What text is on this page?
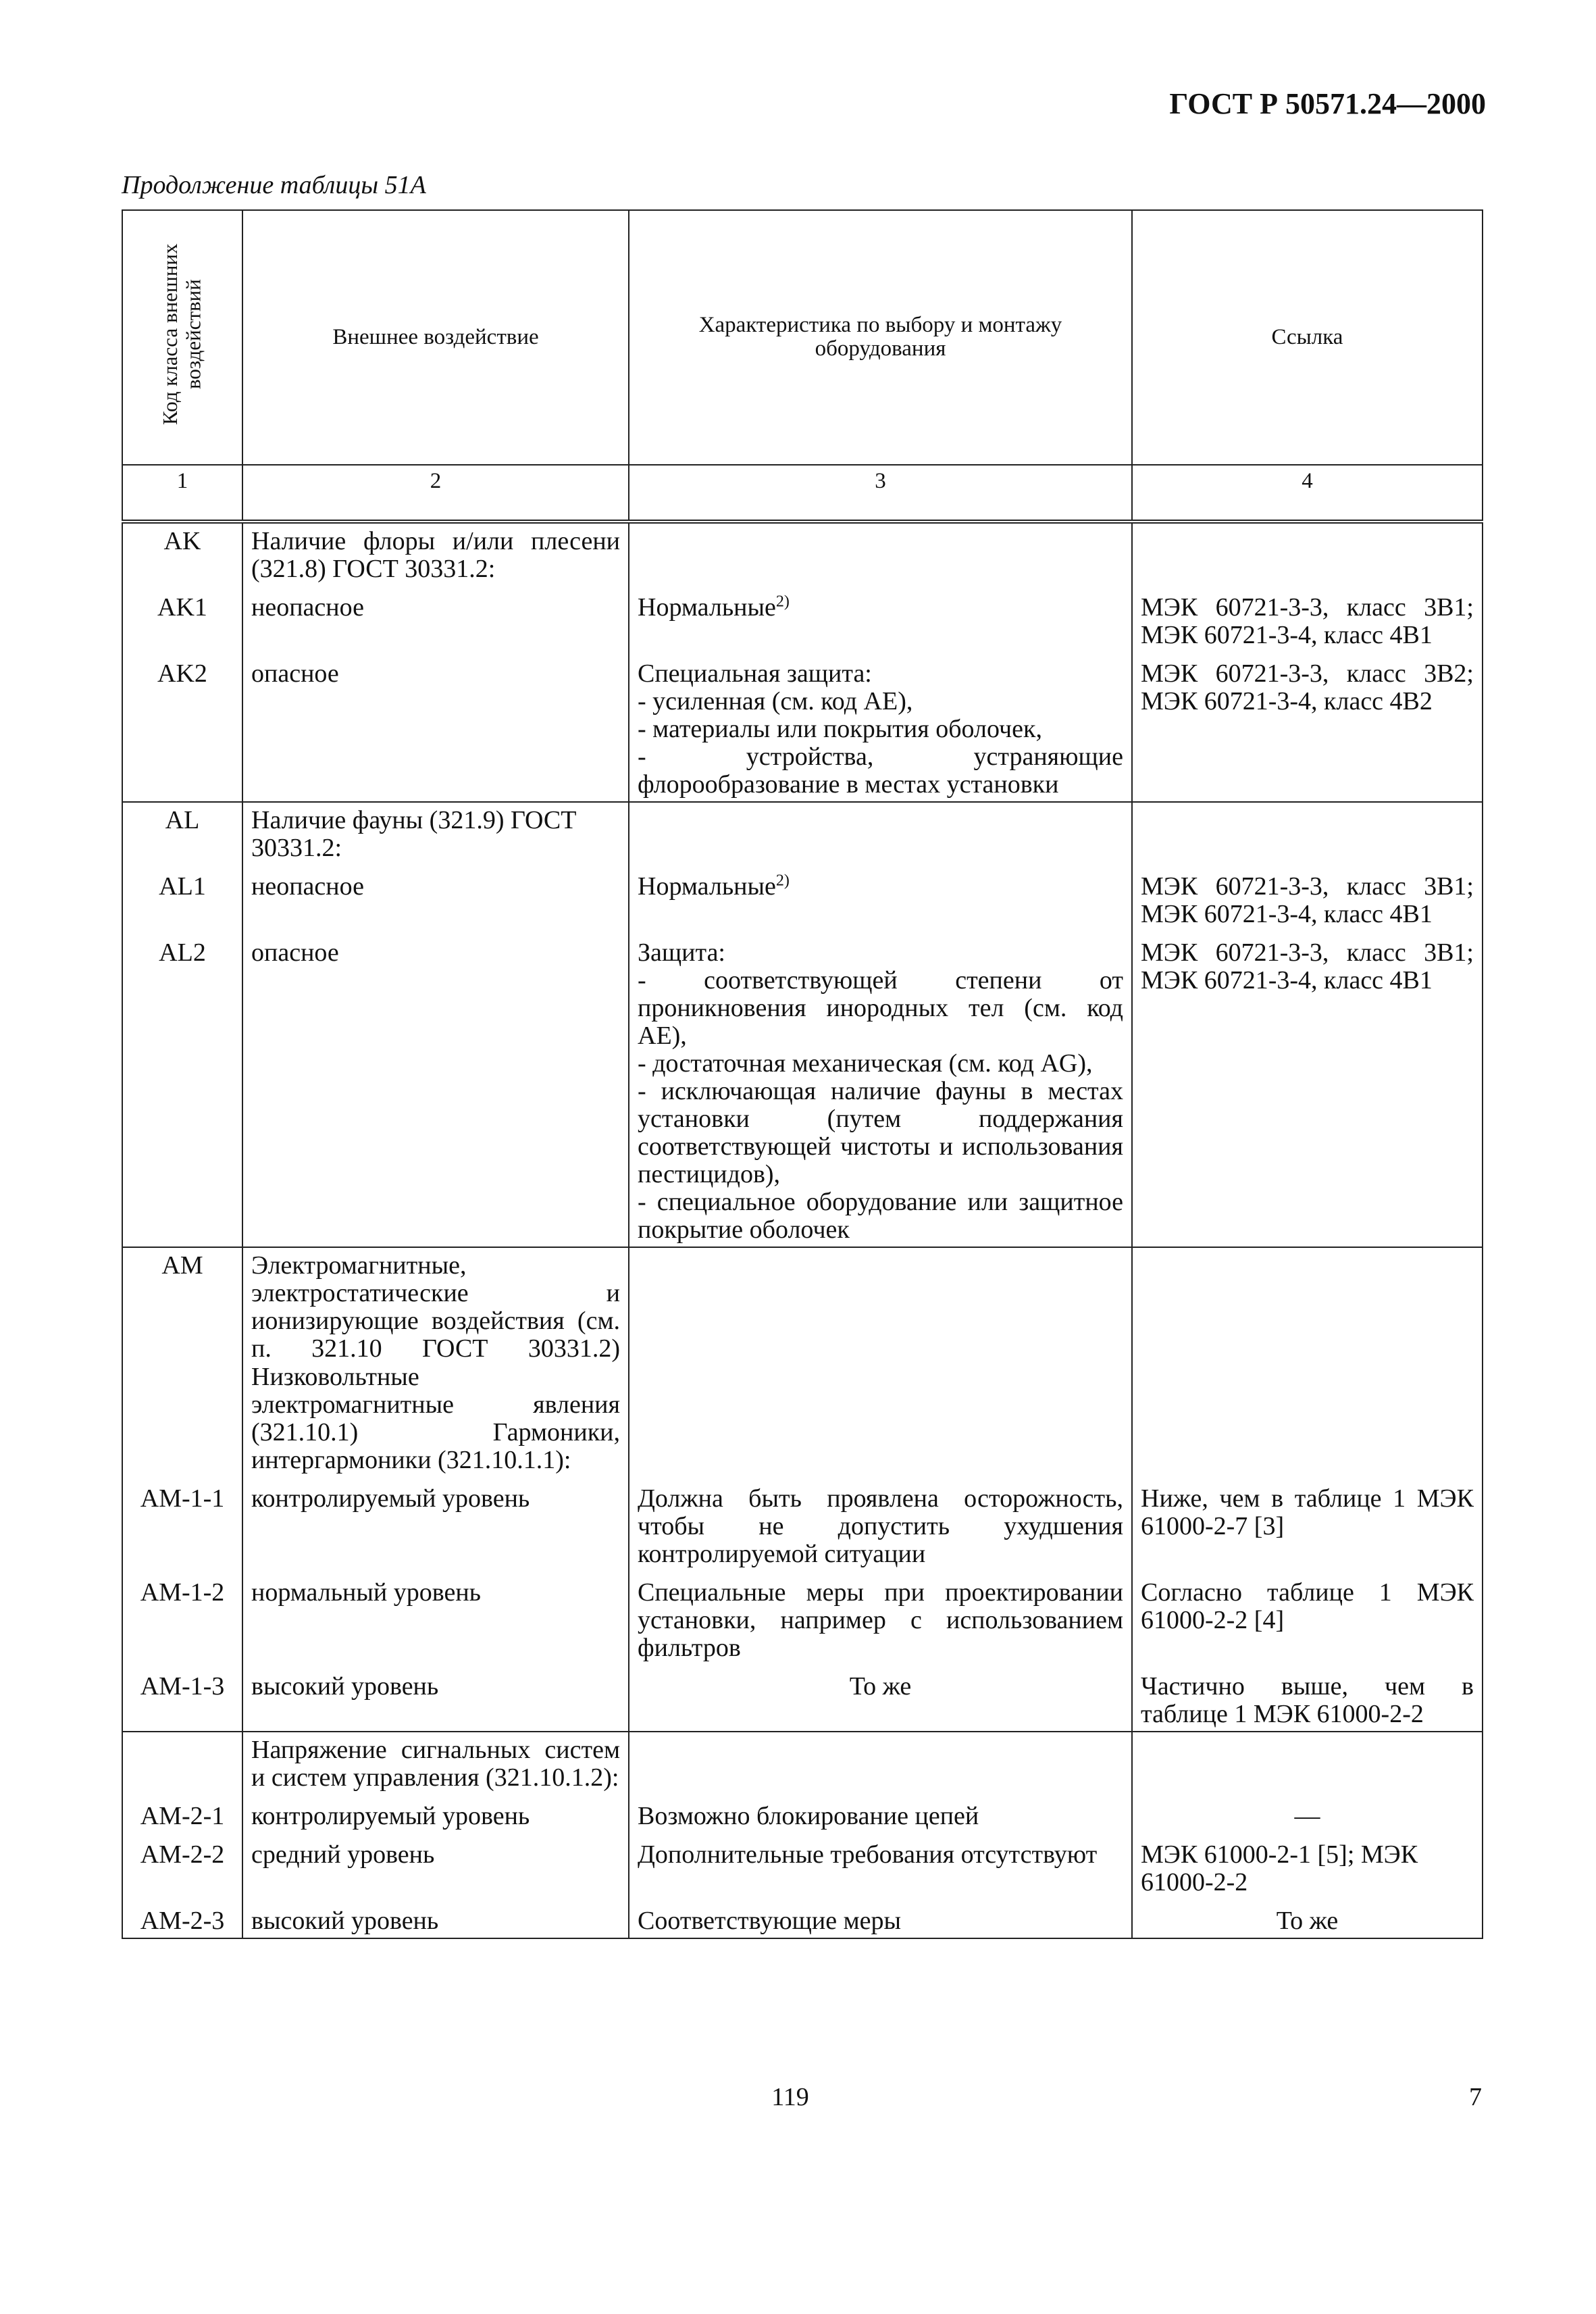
ГОСТ Р 50571.24—2000
Продолжение таблицы 51А
Код класса внешних воздействий	Внешнее воздействие	Характеристика по выбору и монтажу оборудования	Ссылка
1	2	3	4
AK	Наличие флоры и/или плесени (321.8) ГОСТ 30331.2:		
AK1	неопасное	Нормальные$^{2)}$	МЭК 60721-3-3, класс 3B1; МЭК 60721-3-4, класс 4B1
AK2	опасное	Специальная защита:
- усиленная (см. код AE),
- материалы или покрытия оболочек,
- устройства, устраняющие флорообразование в местах установки	МЭК 60721-3-3, класс 3B2; МЭК 60721-3-4, класс 4B2
AL	Наличие фауны (321.9) ГОСТ 30331.2:		
AL1	неопасное	Нормальные$^{2)}$	МЭК 60721-3-3, класс 3B1; МЭК 60721-3-4, класс 4B1
AL2	опасное	Защита:
- соответствующей степени от проникновения инородных тел (см. код AE),
- достаточная механическая (см. код AG),
- исключающая наличие фауны в местах установки (путем поддержания соответствующей чистоты и использования пестицидов),
- специальное оборудование или защитное покрытие оболочек	МЭК 60721-3-3, класс 3B1; МЭК 60721-3-4, класс 4B1
AM	Электромагнитные, электростатические и ионизирующие воздействия (см. п. 321.10 ГОСТ 30331.2) Низковольтные электромагнитные явления (321.10.1) Гармоники, интергармоники (321.10.1.1):		
AM-1-1	контролируемый уровень	Должна быть проявлена осторожность, чтобы не допустить ухудшения контролируемой ситуации	Ниже, чем в таблице 1 МЭК 61000-2-7 [3]
AM-1-2	нормальный уровень	Специальные меры при проектировании установки, например с использованием фильтров	Согласно таблице 1 МЭК 61000-2-2 [4]
AM-1-3	высокий уровень	То же	Частично выше, чем в таблице 1 МЭК 61000-2-2
	Напряжение сигнальных систем и систем управления (321.10.1.2):		
AM-2-1	контролируемый уровень	Возможно блокирование цепей	—
AM-2-2	средний уровень	Дополнительные требования отсутствуют	МЭК 61000-2-1 [5]; МЭК 61000-2-2
AM-2-3	высокий уровень	Соответствующие меры	То же
119	7
